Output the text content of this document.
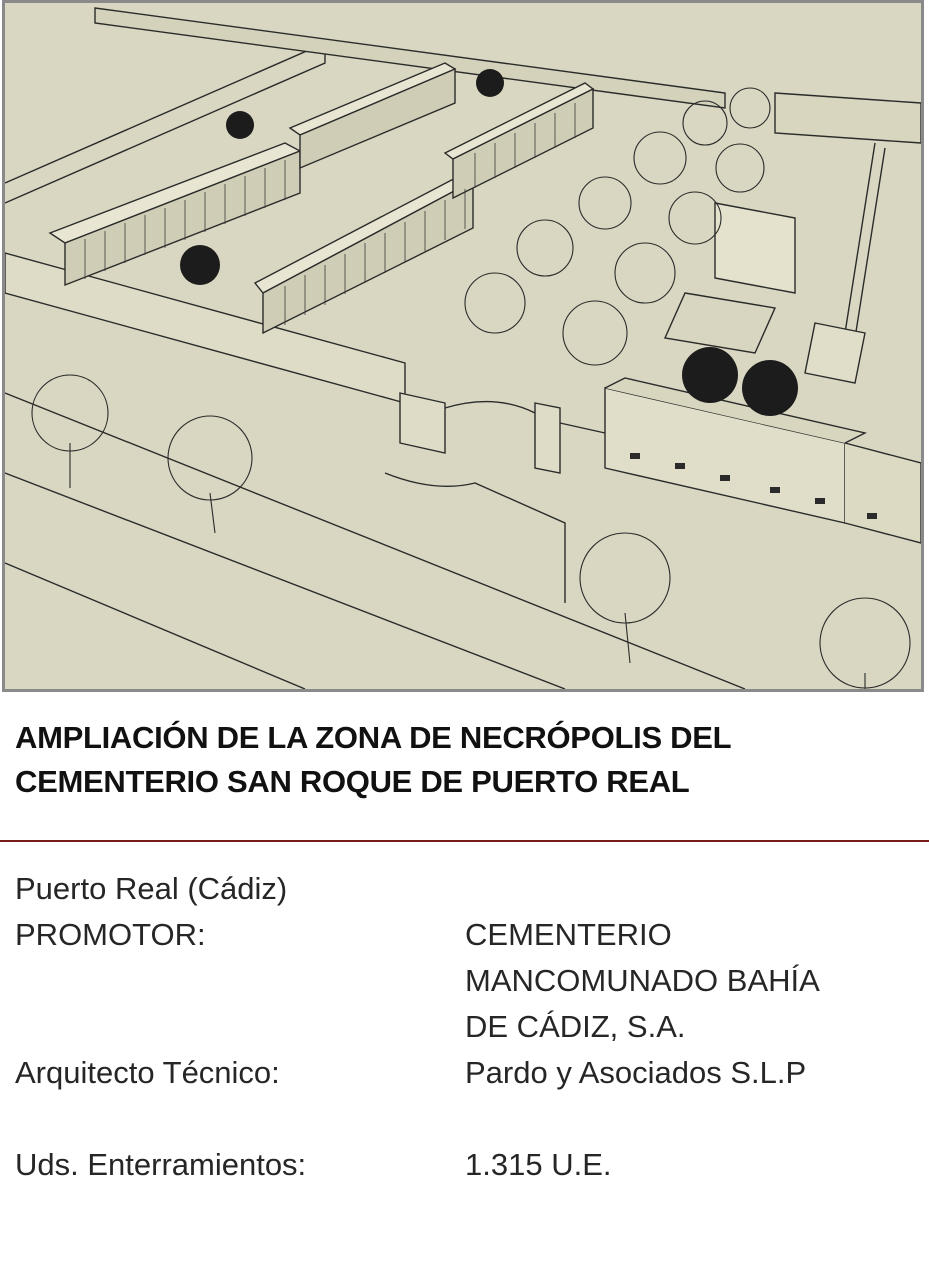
AMPLIACIÓN DE LA ZONA DE NECRÓPOLIS DEL
CEMENTERIO SAN ROQUE DE PUERTO REAL
Puerto Real (Cádiz)
PROMOTOR:	CEMENTERIO
MANCOMUNADO BAHÍA
DE CÁDIZ, S.A.
Arquitecto Técnico:	Pardo y Asociados S.L.P
Uds. Enterramientos:	1.315 U.E.
